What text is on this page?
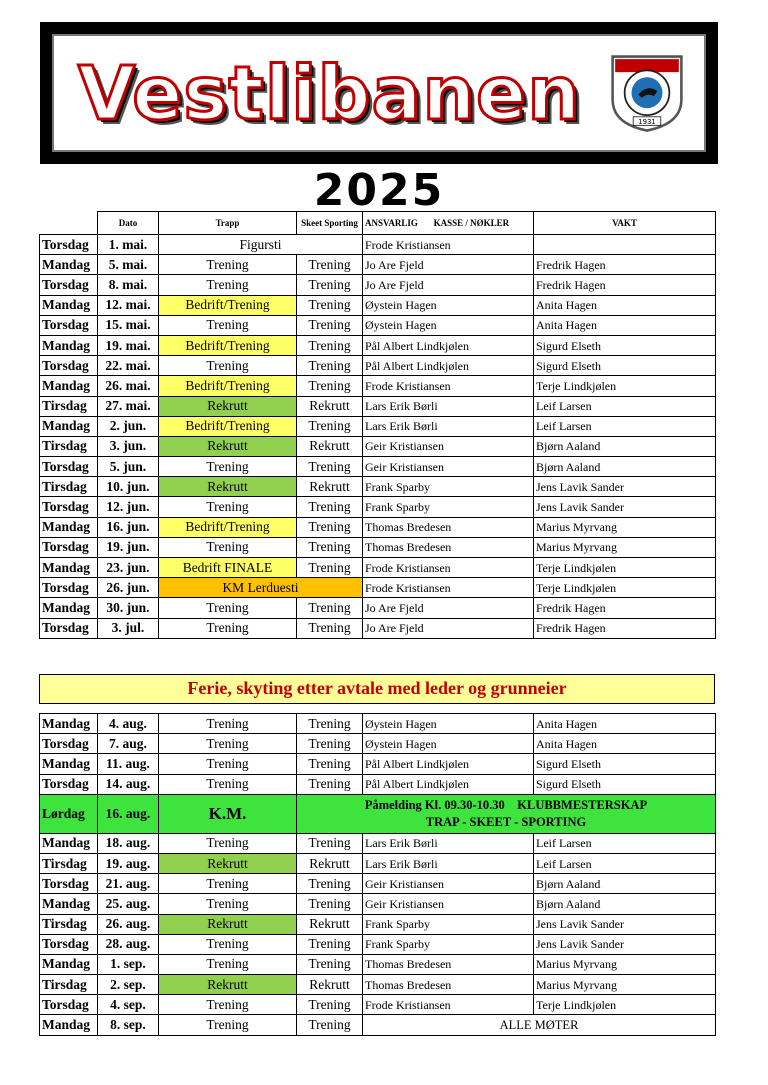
Vestlibanen	1931
2025
	Dato	Trapp	Skeet Sporting	ANSVARLIG KASSE / NØKLER	VAKT
Torsdag	1. mai.	Figursti		Frode Kristiansen	
Mandag	5. mai.	Trening	Trening	Jo Are Fjeld	Fredrik Hagen
Torsdag	8. mai.	Trening	Trening	Jo Are Fjeld	Fredrik Hagen
Mandag	12. mai.	Bedrift/Trening	Trening	Øystein Hagen	Anita Hagen
Torsdag	15. mai.	Trening	Trening	Øystein Hagen	Anita Hagen
Mandag	19. mai.	Bedrift/Trening	Trening	Pål Albert Lindkjølen	Sigurd Elseth
Torsdag	22. mai.	Trening	Trening	Pål Albert Lindkjølen	Sigurd Elseth
Mandag	26. mai.	Bedrift/Trening	Trening	Frode Kristiansen	Terje Lindkjølen
Tirsdag	27. mai.	Rekrutt	Rekrutt	Lars Erik Børli	Leif Larsen
Mandag	2. jun.	Bedrift/Trening	Trening	Lars Erik Børli	Leif Larsen
Tirsdag	3. jun.	Rekrutt	Rekrutt	Geir Kristiansen	Bjørn Aaland
Torsdag	5. jun.	Trening	Trening	Geir Kristiansen	Bjørn Aaland
Tirsdag	10. jun.	Rekrutt	Rekrutt	Frank Sparby	Jens Lavik Sander
Torsdag	12. jun.	Trening	Trening	Frank Sparby	Jens Lavik Sander
Mandag	16. jun.	Bedrift/Trening	Trening	Thomas Bredesen	Marius Myrvang
Torsdag	19. jun.	Trening	Trening	Thomas Bredesen	Marius Myrvang
Mandag	23. jun.	Bedrift FINALE	Trening	Frode Kristiansen	Terje Lindkjølen
Torsdag	26. jun.	KM Lerduesti		Frode Kristiansen	Terje Lindkjølen
Mandag	30. jun.	Trening	Trening	Jo Are Fjeld	Fredrik Hagen
Torsdag	3. jul.	Trening	Trening	Jo Are Fjeld	Fredrik Hagen
Ferie, skyting etter avtale med leder og grunneier
Mandag	4. aug.	Trening	Trening	Øystein Hagen	Anita Hagen
Torsdag	7. aug.	Trening	Trening	Øystein Hagen	Anita Hagen
Mandag	11. aug.	Trening	Trening	Pål Albert Lindkjølen	Sigurd Elseth
Torsdag	14. aug.	Trening	Trening	Pål Albert Lindkjølen	Sigurd Elseth
Lørdag	16. aug.	K.M.	Påmelding Kl. 09.30-10.30    KLUBBMESTERSKAP
TRAP - SKEET - SPORTING		

Mandag	18. aug.	Trening	Trening	Lars Erik Børli	Leif Larsen
Tirsdag	19. aug.	Rekrutt	Rekrutt	Lars Erik Børli	Leif Larsen
Torsdag	21. aug.	Trening	Trening	Geir Kristiansen	Bjørn Aaland
Mandag	25. aug.	Trening	Trening	Geir Kristiansen	Bjørn Aaland
Tirsdag	26. aug.	Rekrutt	Rekrutt	Frank Sparby	Jens Lavik Sander
Torsdag	28. aug.	Trening	Trening	Frank Sparby	Jens Lavik Sander
Mandag	1. sep.	Trening	Trening	Thomas Bredesen	Marius Myrvang
Tirsdag	2. sep.	Rekrutt	Rekrutt	Thomas Bredesen	Marius Myrvang
Torsdag	4. sep.	Trening	Trening	Frode Kristiansen	Terje Lindkjølen
Mandag	8. sep.	Trening	Trening	ALLE MØTER	
